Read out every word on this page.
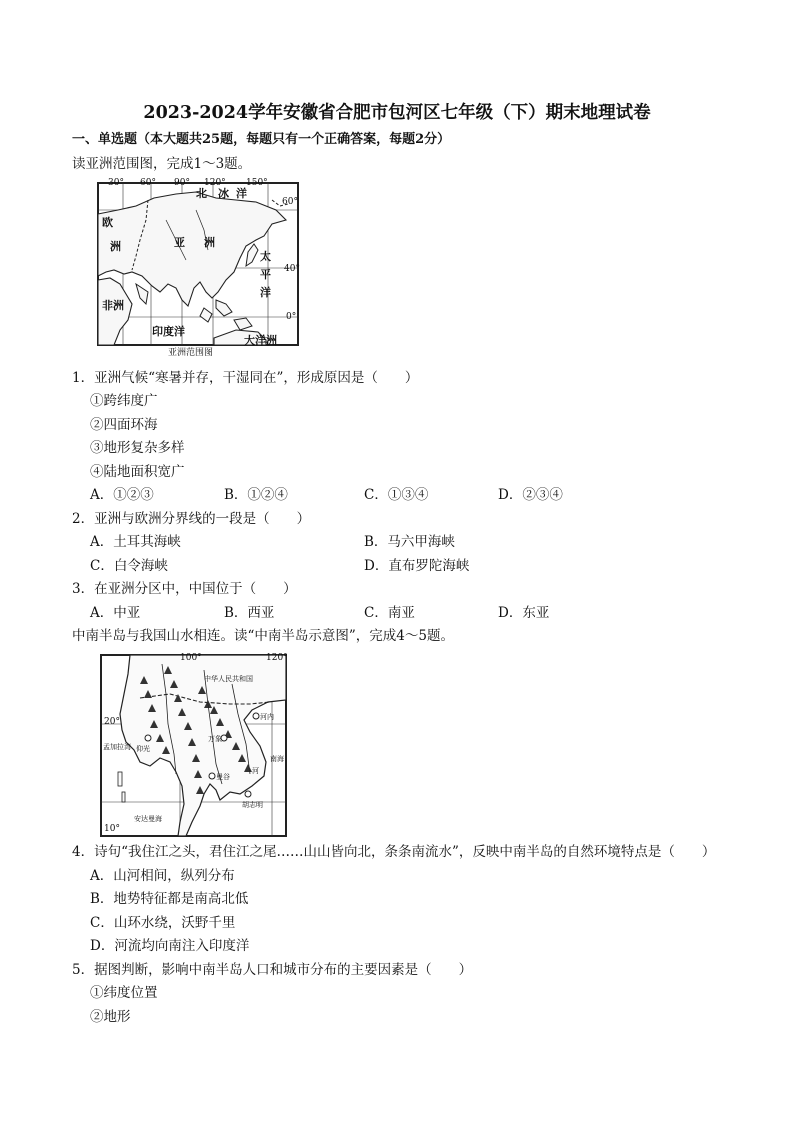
2023-2024学年安徽省合肥市包河区七年级（下）期末地理试卷
一、单选题（本大题共25题，每题只有一个正确答案，每题2分）
读亚洲范围图，完成1～3题。
30° 60° 90° 120° 150°
60°
40°
0°
北 冰 洋
亚 洲
欧
洲
非洲
太
平
洋
印度洋
大洋洲
亚洲范围图
1．亚洲气候“寒暑并存，干湿同在”，形成原因是（　　）
①跨纬度广
②四面环海
③地形复杂多样
④陆地面积宽广
A．①②③	B．①②④	C．①③④	D．②③④
2．亚洲与欧洲分界线的一段是（　　）
A．土耳其海峡	B．马六甲海峡
C．白令海峡	D．直布罗陀海峡
3．在亚洲分区中，中国位于（　　）
A．中亚	B．西亚	C．南亚	D．东亚
中南半岛与我国山水相连。读“中南半岛示意图”，完成4～5题。
100°	120°
20°
10°
中华人民共和国
孟加拉湾
安达曼海
南海
曼谷
河内
万象
胡志明
仰光
河
4．诗句“我住江之头，君住江之尾……山山皆向北，条条南流水”，反映中南半岛的自然环境特点是（　　）
A．山河相间，纵列分布
B．地势特征都是南高北低
C．山环水绕，沃野千里
D．河流均向南注入印度洋
5．据图判断，影响中南半岛人口和城市分布的主要因素是（　　）
①纬度位置
②地形
